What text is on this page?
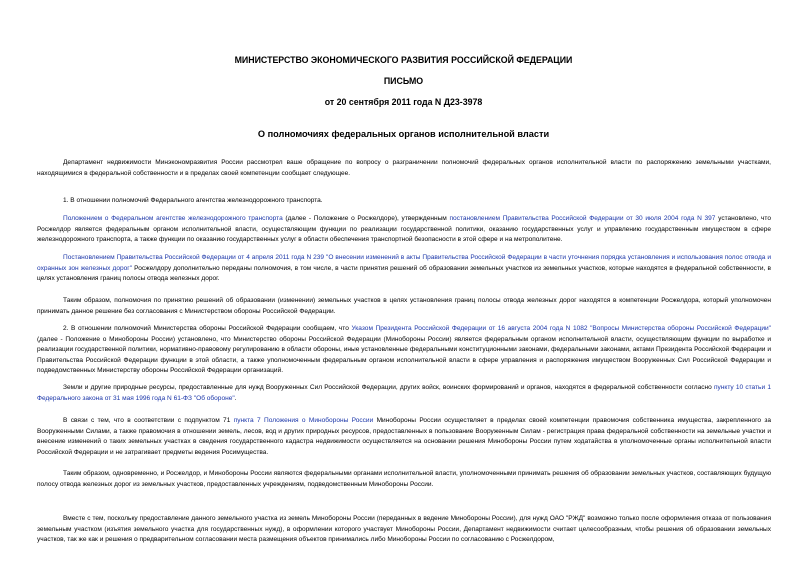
МИНИСТЕРСТВО ЭКОНОМИЧЕСКОГО РАЗВИТИЯ РОССИЙСКОЙ ФЕДЕРАЦИИ

ПИСЬМО

от 20 сентября 2011 года N Д23-3978

О полномочиях федеральных органов исполнительной власти

Департамент недвижимости Минэкономразвития России рассмотрел ваше обращение по вопросу о разграничении полномочий федеральных органов исполнительной власти по распоряжению земельными участками, находящимися в федеральной собственности и в пределах своей компетенции сообщает следующее.

1. В отношении полномочий Федерального агентства железнодорожного транспорта.

Положением о Федеральном агентстве железнодорожного транспорта (далее - Положение о Росжелдоре), утвержденным постановлением Правительства Российской Федерации от 30 июля 2004 года N 397 установлено, что Росжелдор является федеральным органом исполнительной власти, осуществляющим функции по реализации государственной политики, оказанию государственных услуг и управлению государственным имуществом в сфере железнодорожного транспорта, а также функции по оказанию государственных услуг в области обеспечения транспортной безопасности в этой сфере и на метрополитене.

Постановлением Правительства Российской Федерации от 4 апреля 2011 года N 239 "О внесении изменений в акты Правительства Российской Федерации в части уточнения порядка установления и использования полос отвода и охранных зон железных дорог" Росжелдору дополнительно переданы полномочия, в том числе, в части принятия решений об образовании земельных участков из земельных участков, которые находятся в федеральной собственности, в целях установления границ полосы отвода железных дорог.

Таким образом, полномочия по принятию решений об образовании (изменении) земельных участков в целях установления границ полосы отвода железных дорог находятся в компетенции Росжелдора, который уполномочен принимать данное решение без согласования с Министерством обороны Российской Федерации.

2. В отношении полномочий Министерства обороны Российской Федерации сообщаем, что Указом Президента Российской Федерации от 16 августа 2004 года N 1082 "Вопросы Министерства обороны Российской Федерации" (далее - Положение о Минобороны России) установлено, что Министерство обороны Российской Федерации (Минобороны России) является федеральным органом исполнительной власти, осуществляющим функции по выработке и реализации государственной политики, нормативно-правовому регулированию в области обороны, иные установленные федеральными конституционными законами, федеральными законами, актами Президента Российской Федерации и Правительства Российской Федерации функции в этой области, а также уполномоченным федеральным органом исполнительной власти в сфере управления и распоряжения имуществом Вооруженных Сил Российской Федерации и подведомственных Министерству обороны Российской Федерации организаций.

Земли и другие природные ресурсы, предоставленные для нужд Вооруженных Сил Российской Федерации, других войск, воинских формирований и органов, находятся в федеральной собственности согласно пункту 10 статьи 1 Федерального закона от 31 мая 1996 года N 61-ФЗ "Об обороне".

В связи с тем, что в соответствии с подпунктом 71 пункта 7 Положения о Минобороны России Минобороны России осуществляет в пределах своей компетенции правомочия собственника имущества, закрепленного за Вооруженными Силами, а также правомочия в отношении земель, лесов, вод и других природных ресурсов, предоставленных в пользование Вооруженным Силам - регистрация права федеральной собственности на земельные участки и внесение изменений о таких земельных участках в сведения государственного кадастра недвижимости осуществляется на основании решения Минобороны России путем ходатайства в уполномоченные органы исполнительной власти Российской Федерации и не затрагивает предметы ведения Росимущества.

Таким образом, одновременно, и Росжелдор, и Минобороны России являются федеральными органами исполнительной власти, уполномоченными принимать решения об образовании земельных участков, составляющих будущую полосу отвода железных дорог из земельных участков, предоставленных учреждениям, подведомственным Минобороны России.

Вместе с тем, поскольку предоставление данного земельного участка из земель Минобороны России (переданных в ведение Минобороны России), для нужд ОАО "РЖД" возможно только после оформления отказа от пользования земельным участком (изъятия земельного участка для государственных нужд), в оформлении которого участвует Минобороны России, Департамент недвижимости считает целесообразным, чтобы решения об образовании земельных участков, так же как и решения о предварительном согласовании места размещения объектов принимались либо Минобороны России по согласованию с Росжелдором,
